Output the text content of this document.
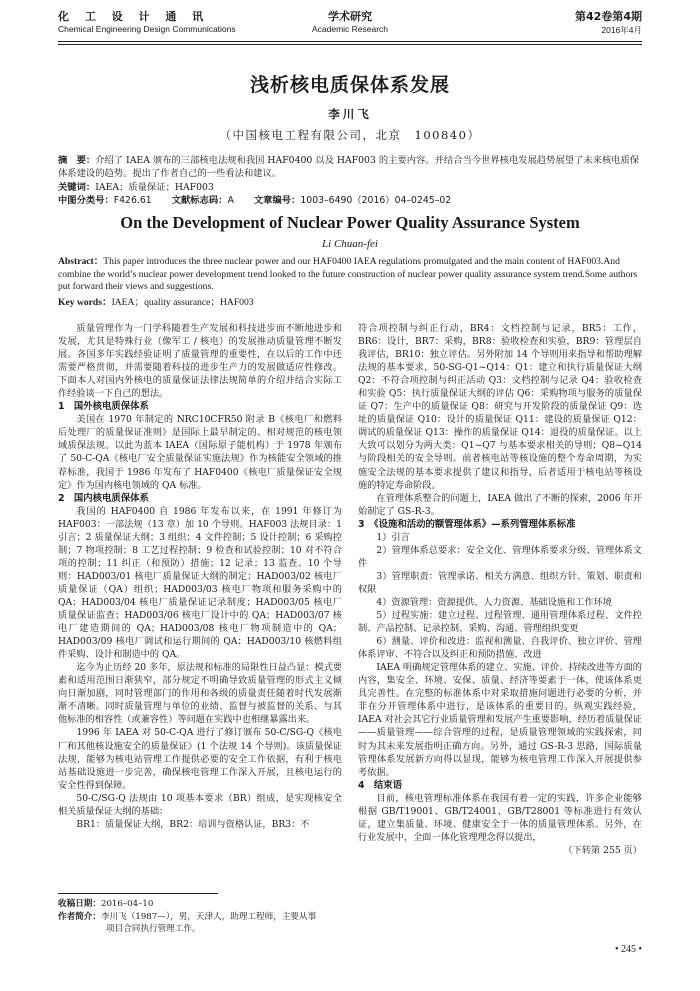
化 工 设 计 通 讯
Chemical Engineering Design Communications
学术研究
Academic Research
第42卷第4期
2016年4月
浅析核电质保体系发展
李川飞
（中国核电工程有限公司，北京　100840）
摘　要：介绍了 IAEA 颁布的三部核电法规和我国 HAF0400 以及 HAF003 的主要内容。并结合当今世界核电发展趋势展望了未来核电质保体系建设的趋势。提出了作者自己的一些看法和建议。
关键词：IAEA；质量保证；HAF003
中图分类号：F426.61 文献标志码：A 文章编号：1003–6490（2016）04–0245–02
On the Development of Nuclear Power Quality Assurance System
Li Chuan-fei
Abstract：This paper introduces the three nuclear power and our HAF0400 IAEA regulations promulgated and the main content of HAF003.And combine the world’s nuclear power development trend looked to the future construction of nuclear power quality assurance system trend.Some authors put forward their views and suggestions.
Key words：IAEA；quality assurance；HAF003

质量管理作为一门学科随着生产发展和科技进步而不断地进步和发展，尤其是特殊行业（像军工 / 核电）的发展推动质量管理不断发展。各国多年实践经验证明了质量管理的重要性，在以后的工作中还需要严格贯彻，并需要随着科技的进步生产力的发展做适应性修改。下面本人对国内外核电的质量保证法律法规简单的介绍并结合实际工作经验谈一下自己的想法。

1　国外核电质保体系

美国在 1970 年制定的 NRC10CFR50 附录 B《核电厂和燃料后处理厂的质量保证准则》是国际上最早制定的、相对规范的核电领域质保法规。以此为蓝本 IAEA（国际原子能机构）于 1978 年颁布了 50-C-QA《核电厂安全质量保证实施法规》作为核能安全领域的推荐标准，我国于 1986 年发布了 HAF0400《核电厂质量保证安全规定》作为国内核电领域的 QA 标准。

2　国内核电质保体系

我国的 HAF0400 自 1986 年发布以来，在 1991 年修订为 HAF003：一部法规（13 章）加 10 个导则。HAF003 法规目录：1 引言；2 质量保证大纲；3 组织；4 文件控制；5 设计控制；6 采购控制；7 物项控制；8 工艺过程控制；9 检查和试验控制；10 对不符合项的控制；11 纠正（和预防）措施；12 记录；13 监查。10 个导则：HAD003/01 核电厂质量保证大纲的制定；HAD003/02 核电厂质量保证（QA）组织；HAD003/03 核电厂物项和服务采购中的 QA；HAD003/04 核电厂质量保证记录制度；HAD003/05 核电厂质量保证监查；HAD003/06 核电厂设计中的 QA；HAD003/07 核电厂建造期间的 QA；HAD003/08 核电厂物项制造中的 QA；HAD003/09 核电厂调试和运行期间的 QA；HAD003/10 核燃料组件采购、设计和制造中的 QA。

迄今为止历经 20 多年，原法规和标准的局限性日益凸显：模式要素和适用范围日渐狭窄，部分规定不明确导致质量管理的形式主义倾向日渐加剧，同时管理部门的作用和各级的质量责任随着时代发展渐渐不清晰。同时质量管理与单位的业绩、监督与被监督的关系、与其他标准的相容性（或兼容性）等问题在实践中也相继暴露出来。

1996 年 IAEA 对 50-C-QA 进行了修订颁布 50-C/SG-Q《核电厂和其他核设施安全的质量保证》(1 个法规 14 个导则)。该质量保证法规，能够为核电站管理工作提供必要的安全工作依据，有利于核电站基础设施进一步完善，确保核电管理工作深入开展，且核电运行的安全性得到保障。

50-C/SG-Q 法规由 10 项基本要求（BR）组成，是实现核安全相关质量保证大纲的基础：

BR1：质量保证大纲，BR2：培训与资格认证，BR3：不

符合项控制与纠正行动，BR4：文档控制与记录，BR5：工作，BR6：设计，BR7：采购，BR8：验收检查和实验，BR9：管理层自我评估，BR10：独立评估。另外附加 14 个导则用来指导和帮助理解法规的基本要求，50-SG-Q1~Q14：Q1：建立和执行质量保证大纲 Q2：不符合项控制与纠正活动 Q3：文档控制与记录 Q4：验收检查和实验 Q5：执行质量保证大纲的评估 Q6：采购物项与服务的质量保证 Q7：生产中的质量保证 Q8：研究与开发阶段的质量保证 Q9：选址的质量保证 Q10：设计的质量保证 Q11：建设的质量保证 Q12：调试的质量保证 Q13：操作的质量保证 Q14：退役的质量保证。以上大致可以划分为两大类：Q1~Q7 与基本要求相关的导则；Q8~Q14 与阶段相关的安全导则。前者核电站等核设施的整个寿命周期，为实施安全法规的基本要求提供了建议和指导，后者适用于核电站等核设施的特定寿命阶段。

在管理体系整合的问题上，IAEA 做出了不断的探索，2006 年开始制定了 GS-R-3。

3　《设施和活动的额管理体系》—系列管理体系标准

1）引言

2）管理体系总要求：安全文化、管理体系要求分级、管理体系文件

3）管理职责：管理承诺、相关方满意、组织方针、策划、职责和权限

4）资源管理：资源提供、人力资源、基础设施和工作环境

5）过程实施：建立过程、过程管理、通用管理体系过程、文件控制、产品控制、记录控制、采购、沟通、管理组织变更

6）测量、评价和改进：监视和测量、自我评价、独立评价、管理体系评审、不符合以及纠正和预防措施、改进

IAEA 明确规定管理体系的建立、实施、评价、持续改进等方面的内容，集安全、环境、安保、质量、经济等要素于一体，使该体系更具完善性。在完整的标准体系中对采取措施问题进行必要的分析，并非在分开管理体系中进行，是该体系的重要目的。纵观实践经验，IAEA 对社会其它行业质量管理和发展产生重要影响，经历着质量保证——质量管理——综合管理的过程，是质量管理领域的实践探索，同时为其未来发展指明正确方向。另外，通过 GS-R-3 思路，国际质量管理体系发展新方向得以显现，能够为核电管理工作深入开展提供参考依据。

4　结束语

目前，核电管理标准体系在我国有着一定的实践，许多企业能够根据 GB/T19001、GB/T24001、GB/T28001 等标准进行有效认证，建立集质量、环境、健康安全于一体的质量管理体系。另外，在行业发展中，全面一体化管理理念得以提出，

（下转第 255 页）

收稿日期：2016–04–10
作者简介：李川飞（1987—），男，天津人，助理工程师，主要从事
项目合同执行管理工作。
• 245 •
